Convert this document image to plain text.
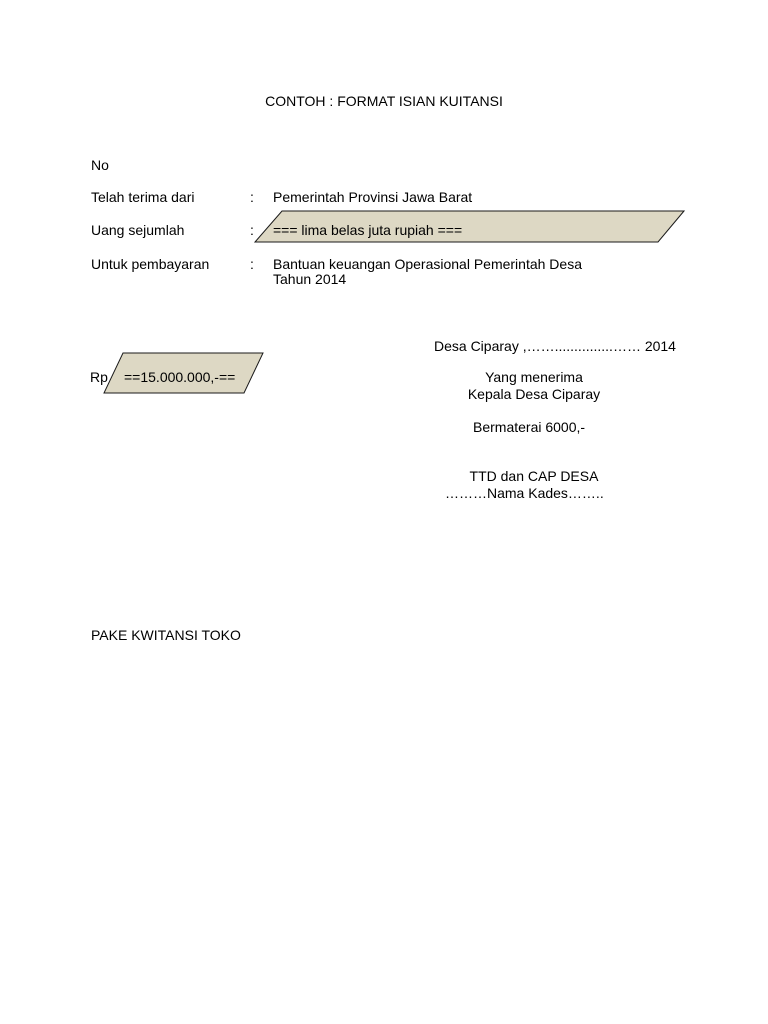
CONTOH : FORMAT ISIAN KUITANSI
No
Telah terima dari	: Pemerintah Provinsi Jawa Barat
Uang sejumlah	: === lima belas juta rupiah ===
Untuk pembayaran	: Bantuan keuangan Operasional Pemerintah Desa
Tahun 2014
Desa Ciparay ,……...............…… 2014
Rp ==15.000.000,-==	Yang menerima
Kepala Desa Ciparay
Bermaterai 6000,-
TTD dan CAP DESA
………Nama Kades……..
PAKE KWITANSI TOKO
